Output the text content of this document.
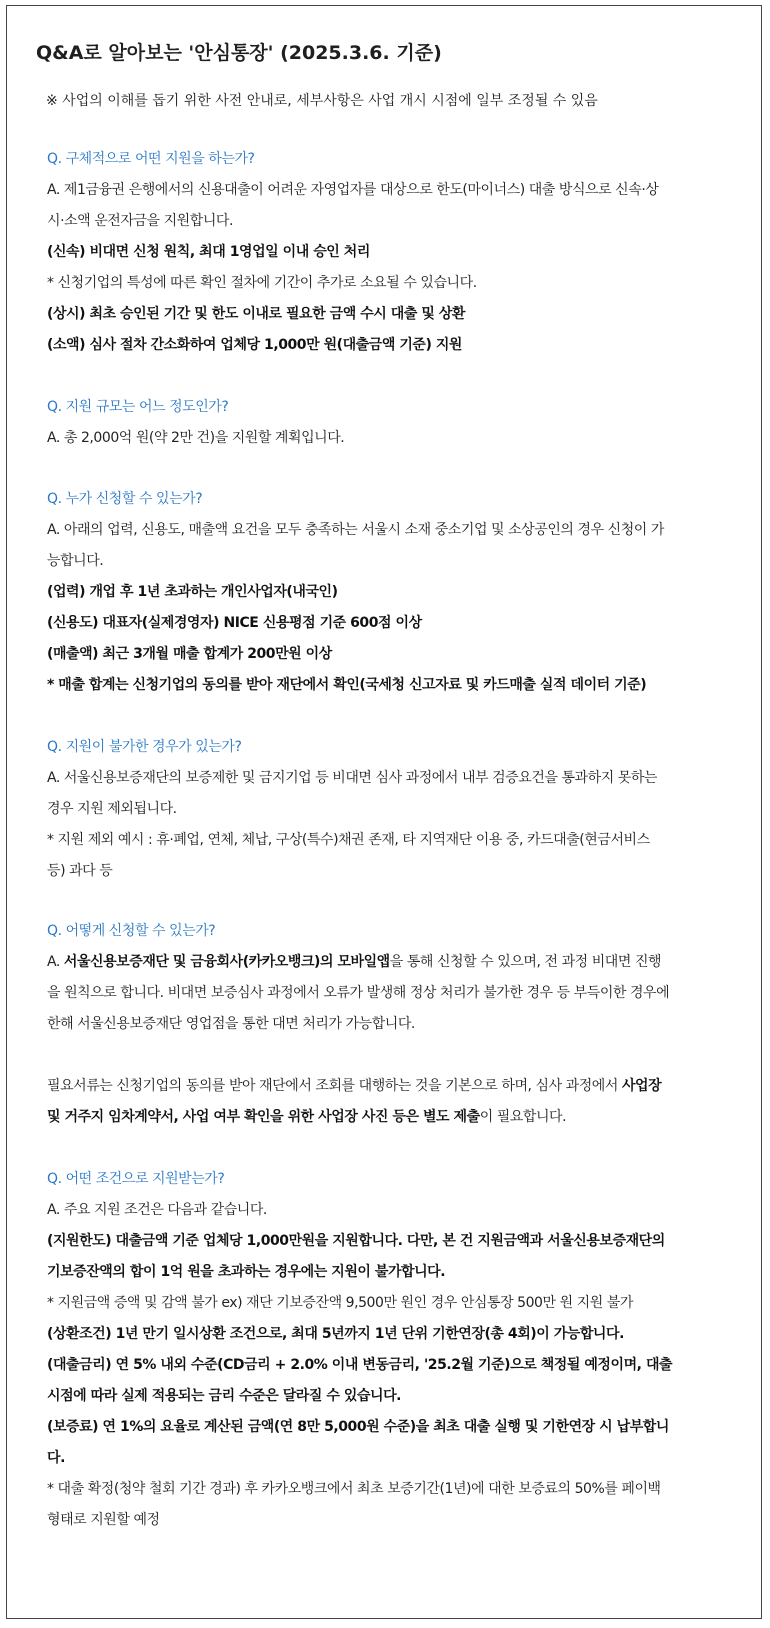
Q&A로 알아보는 '안심통장' (2025.3.6. 기준)
※ 사업의 이해를 돕기 위한 사전 안내로, 세부사항은 사업 개시 시점에 일부 조정될 수 있음
Q. 구체적으로 어떤 지원을 하는가?
A. 제1금융권 은행에서의 신용대출이 어려운 자영업자를 대상으로 한도(마이너스) 대출 방식으로 신속·상
시·소액 운전자금을 지원합니다.
(신속) 비대면 신청 원칙, 최대 1영업일 이내 승인 처리
* 신청기업의 특성에 따른 확인 절차에 기간이 추가로 소요될 수 있습니다.
(상시) 최초 승인된 기간 및 한도 이내로 필요한 금액 수시 대출 및 상환
(소액) 심사 절차 간소화하여 업체당 1,000만 원(대출금액 기준) 지원
Q. 지원 규모는 어느 정도인가?
A. 총 2,000억 원(약 2만 건)을 지원할 계획입니다.
Q. 누가 신청할 수 있는가?
A. 아래의 업력, 신용도, 매출액 요건을 모두 충족하는 서울시 소재 중소기업 및 소상공인의 경우 신청이 가
능합니다.
(업력) 개업 후 1년 초과하는 개인사업자(내국인)
(신용도) 대표자(실제경영자) NICE 신용평점 기준 600점 이상
(매출액) 최근 3개월 매출 합계가 200만원 이상
* 매출 합계는 신청기업의 동의를 받아 재단에서 확인(국세청 신고자료 및 카드매출 실적 데이터 기준)
Q. 지원이 불가한 경우가 있는가?
A. 서울신용보증재단의 보증제한 및 금지기업 등 비대면 심사 과정에서 내부 검증요건을 통과하지 못하는
경우 지원 제외됩니다.
* 지원 제외 예시 : 휴·폐업, 연체, 체납, 구상(특수)채권 존재, 타 지역재단 이용 중, 카드대출(현금서비스
등) 과다 등
Q. 어떻게 신청할 수 있는가?
A. 서울신용보증재단 및 금융회사(카카오뱅크)의 모바일앱을 통해 신청할 수 있으며, 전 과정 비대면 진행
을 원칙으로 합니다. 비대면 보증심사 과정에서 오류가 발생해 정상 처리가 불가한 경우 등 부득이한 경우에
한해 서울신용보증재단 영업점을 통한 대면 처리가 가능합니다.
필요서류는 신청기업의 동의를 받아 재단에서 조회를 대행하는 것을 기본으로 하며, 심사 과정에서 사업장
및 거주지 임차계약서, 사업 여부 확인을 위한 사업장 사진 등은 별도 제출이 필요합니다.
Q. 어떤 조건으로 지원받는가?
A. 주요 지원 조건은 다음과 같습니다.
(지원한도) 대출금액 기준 업체당 1,000만원을 지원합니다. 다만, 본 건 지원금액과 서울신용보증재단의
기보증잔액의 합이 1억 원을 초과하는 경우에는 지원이 불가합니다.
* 지원금액 증액 및 감액 불가 ex) 재단 기보증잔액 9,500만 원인 경우 안심통장 500만 원 지원 불가
(상환조건) 1년 만기 일시상환 조건으로, 최대 5년까지 1년 단위 기한연장(총 4회)이 가능합니다.
(대출금리) 연 5% 내외 수준(CD금리 + 2.0% 이내 변동금리, '25.2월 기준)으로 책정될 예정이며, 대출
시점에 따라 실제 적용되는 금리 수준은 달라질 수 있습니다.
(보증료) 연 1%의 요율로 계산된 금액(연 8만 5,000원 수준)을 최초 대출 실행 및 기한연장 시 납부합니
다.
* 대출 확정(청약 철회 기간 경과) 후 카카오뱅크에서 최초 보증기간(1년)에 대한 보증료의 50%를 페이백
형태로 지원할 예정
